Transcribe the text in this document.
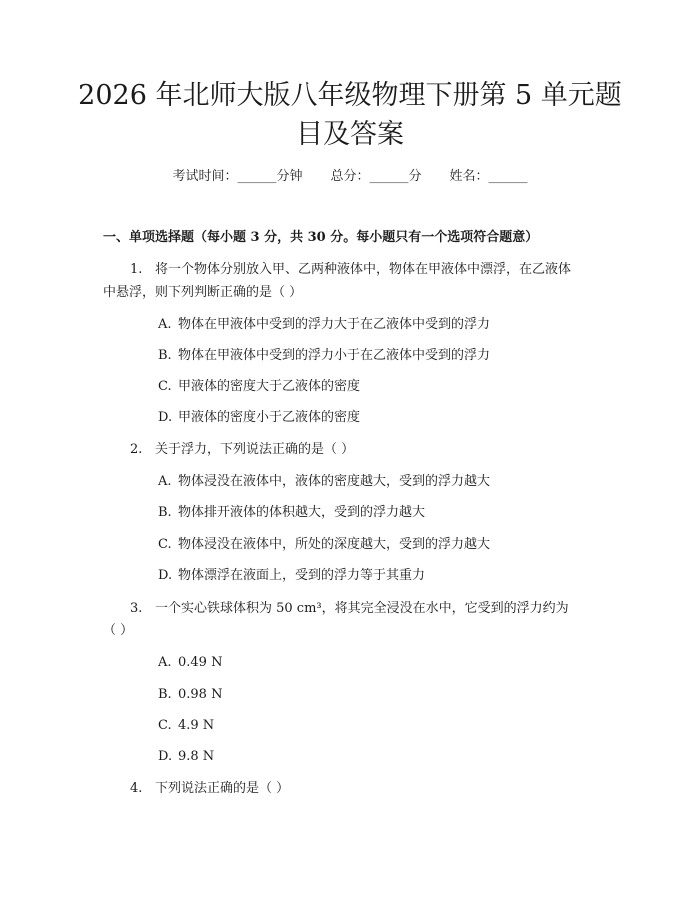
2026 年北师大版八年级物理下册第 5 单元题
目及答案
考试时间：______分钟 总分：______分 姓名：______
一、单项选择题（每小题 3 分，共 30 分。每小题只有一个选项符合题意）
1. 将一个物体分别放入甲、乙两种液体中，物体在甲液体中漂浮，在乙液体
中悬浮，则下列判断正确的是（ ）
A. 物体在甲液体中受到的浮力大于在乙液体中受到的浮力
B. 物体在甲液体中受到的浮力小于在乙液体中受到的浮力
C. 甲液体的密度大于乙液体的密度
D. 甲液体的密度小于乙液体的密度
2. 关于浮力，下列说法正确的是（ ）
A. 物体浸没在液体中，液体的密度越大，受到的浮力越大
B. 物体排开液体的体积越大，受到的浮力越大
C. 物体浸没在液体中，所处的深度越大，受到的浮力越大
D. 物体漂浮在液面上，受到的浮力等于其重力
3. 一个实心铁球体积为 50 cm³，将其完全浸没在水中，它受到的浮力约为
（ ）
A. 0.49 N
B. 0.98 N
C. 4.9 N
D. 9.8 N
4. 下列说法正确的是（ ）
